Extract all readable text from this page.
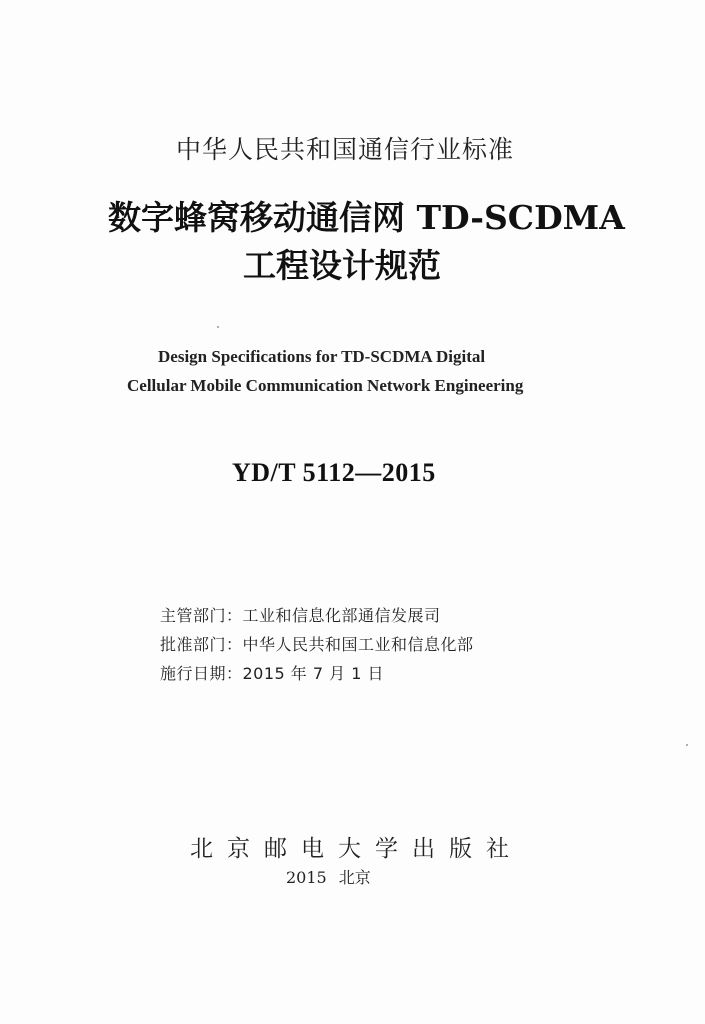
中华人民共和国通信行业标准
数字蜂窝移动通信网 TD-SCDMA
工程设计规范
Design Specifications for TD-SCDMA Digital
Cellular Mobile Communication Network Engineering
YD/T 5112—2015
主管部门：工业和信息化部通信发展司
批准部门：中华人民共和国工业和信息化部
施行日期：2015 年 7 月 1 日
北京邮电大学出版社
2015 北京
